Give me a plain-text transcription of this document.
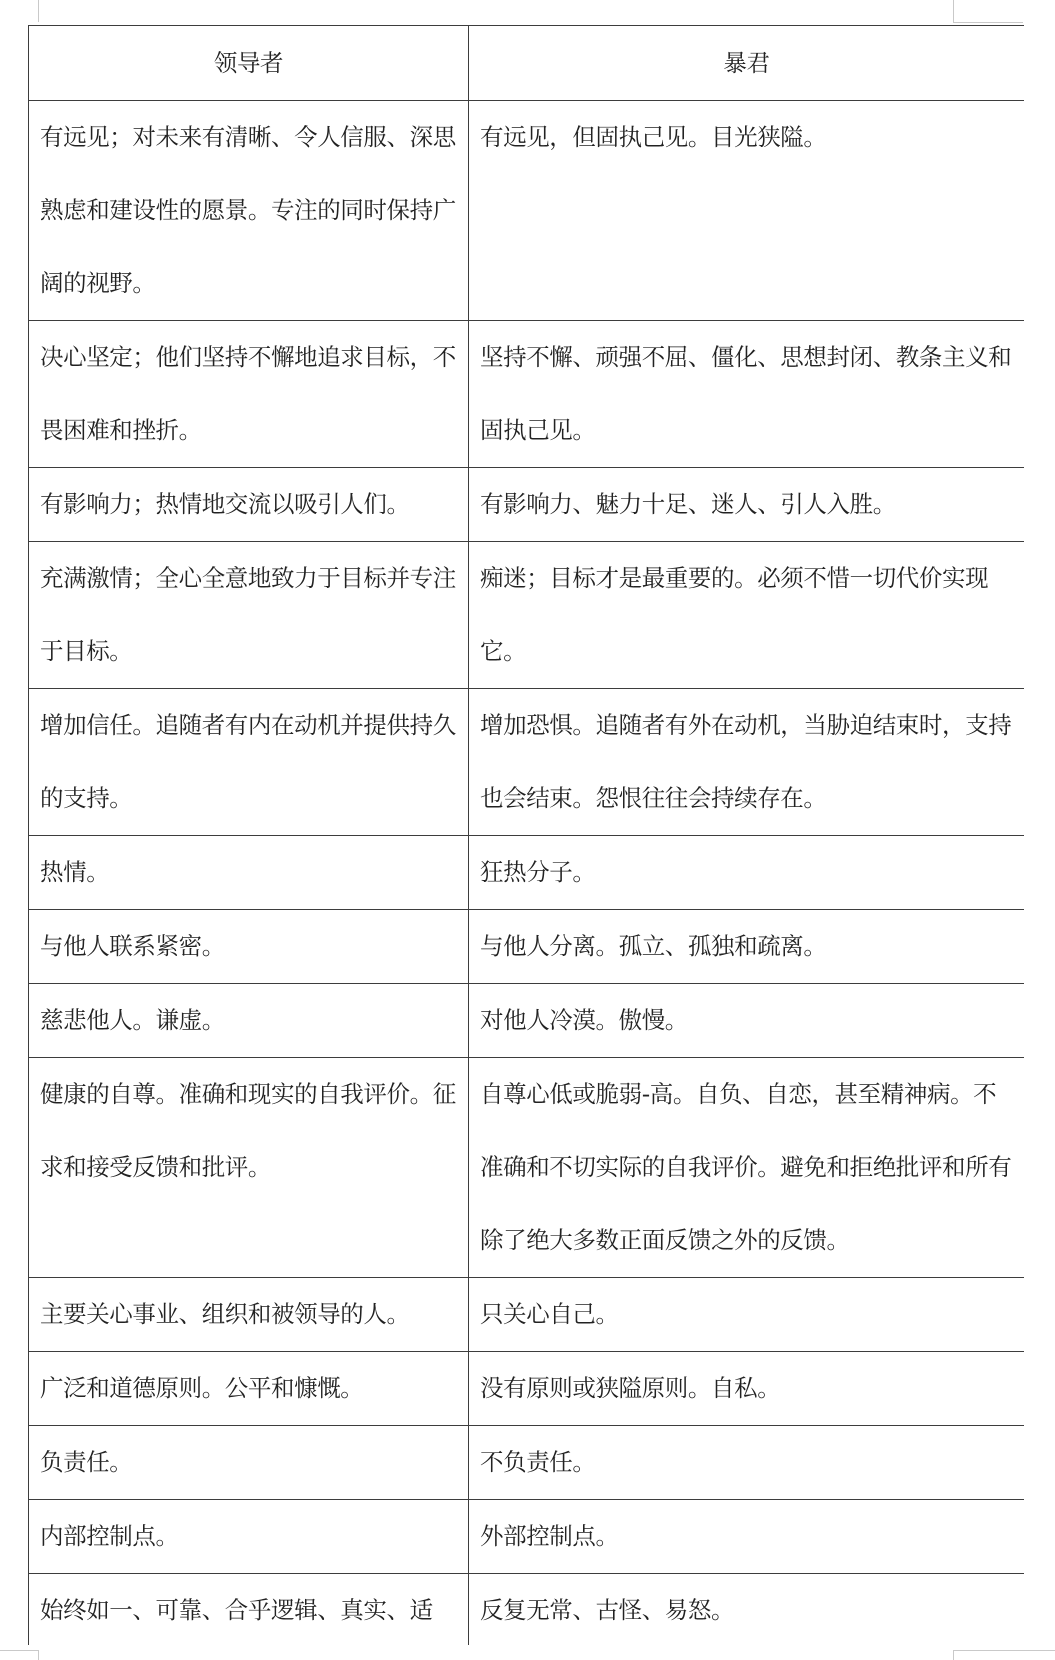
领导者	暴君
有远见；对未来有清晰、令人信服、深思熟虑和建设性的愿景。专注的同时保持广阔的视野。	有远见，但固执己见。目光狭隘。
决心坚定；他们坚持不懈地追求目标，不畏困难和挫折。	坚持不懈、顽强不屈、僵化、思想封闭、教条主义和固执己见。
有影响力；热情地交流以吸引人们。	有影响力、魅力十足、迷人、引人入胜。
充满激情；全心全意地致力于目标并专注于目标。	痴迷；目标才是最重要的。必须不惜一切代价实现它。
增加信任。追随者有内在动机并提供持久的支持。	增加恐惧。追随者有外在动机，当胁迫结束时，支持也会结束。怨恨往往会持续存在。
热情。	狂热分子。
与他人联系紧密。	与他人分离。孤立、孤独和疏离。
慈悲他人。谦虚。	对他人冷漠。傲慢。
健康的自尊。准确和现实的自我评价。征求和接受反馈和批评。	自尊心低或脆弱-高。自负、自恋，甚至精神病。不准确和不切实际的自我评价。避免和拒绝批评和所有除了绝大多数正面反馈之外的反馈。
主要关心事业、组织和被领导的人。	只关心自己。
广泛和道德原则。公平和慷慨。	没有原则或狭隘原则。自私。
负责任。	不负责任。
内部控制点。	外部控制点。
始终如一、可靠、合乎逻辑、真实、适	反复无常、古怪、易怒。
